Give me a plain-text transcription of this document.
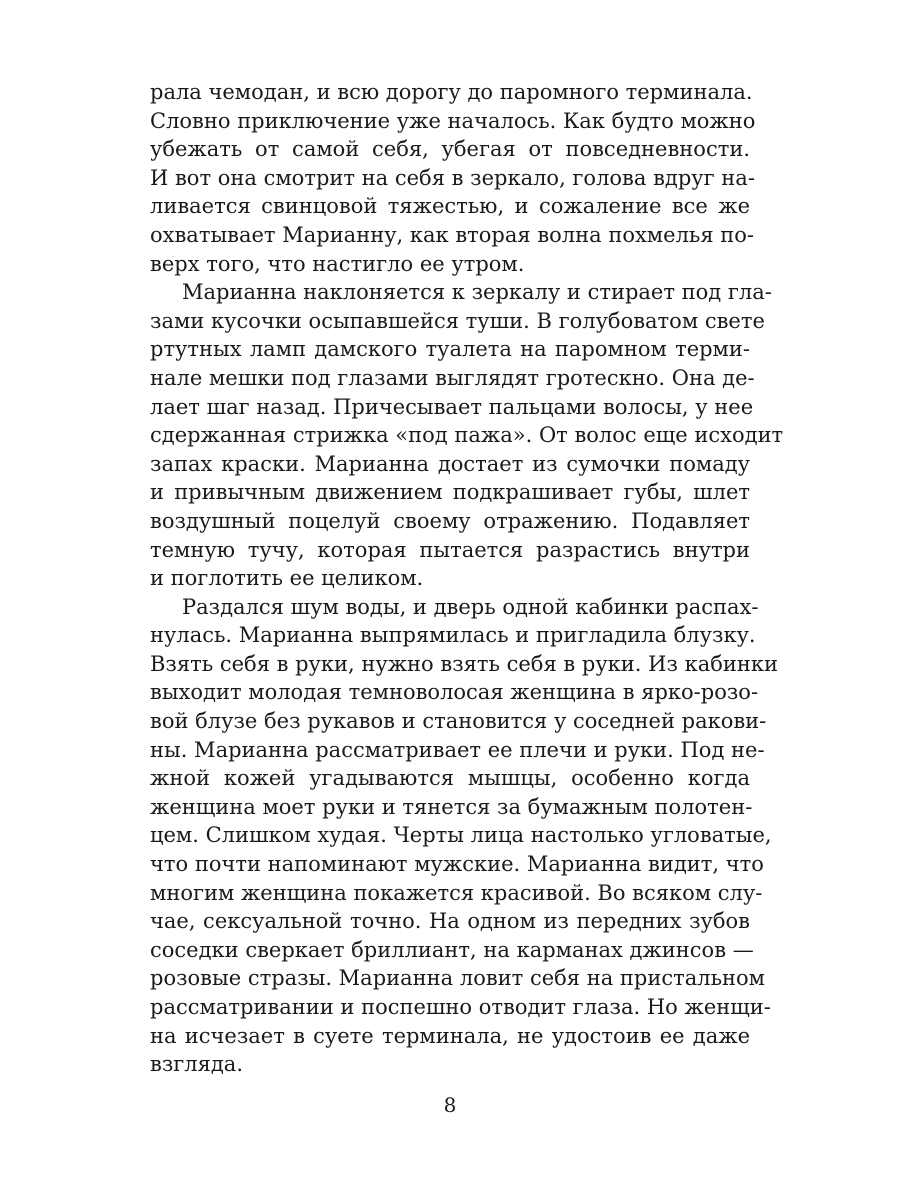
рала чемодан, и всю дорогу до паромного терминала.
Словно приключение уже началось. Как будто можно
убежать от самой себя, убегая от повседневности.
И вот она смотрит на себя в зеркало, голова вдруг на-
ливается свинцовой тяжестью, и сожаление все же
охватывает Марианну, как вторая волна похмелья по-
верх того, что настигло ее утром.

Марианна наклоняется к зеркалу и стирает под гла-
зами кусочки осыпавшейся туши. В голубоватом свете
ртутных ламп дамского туалета на паромном терми-
нале мешки под глазами выглядят гротескно. Она де-
лает шаг назад. Причесывает пальцами волосы, у нее
сдержанная стрижка «под пажа». От волос еще исходит
запах краски. Марианна достает из сумочки помаду
и привычным движением подкрашивает губы, шлет
воздушный поцелуй своему отражению. Подавляет
темную тучу, которая пытается разрастись внутри
и поглотить ее целиком.

Раздался шум воды, и дверь одной кабинки распах-
нулась. Марианна выпрямилась и пригладила блузку.
Взять себя в руки, нужно взять себя в руки. Из кабинки
выходит молодая темноволосая женщина в ярко-розо-
вой блузе без рукавов и становится у соседней ракови-
ны. Марианна рассматривает ее плечи и руки. Под не-
жной кожей угадываются мышцы, особенно когда
женщина моет руки и тянется за бумажным полотен-
цем. Слишком худая. Черты лица настолько угловатые,
что почти напоминают мужские. Марианна видит, что
многим женщина покажется красивой. Во всяком слу-
чае, сексуальной точно. На одном из передних зубов
соседки сверкает бриллиант, на карманах джинсов —
розовые стразы. Марианна ловит себя на пристальном
рассматривании и поспешно отводит глаза. Но женщи-
на исчезает в суете терминала, не удостоив ее даже
взгляда.

8
